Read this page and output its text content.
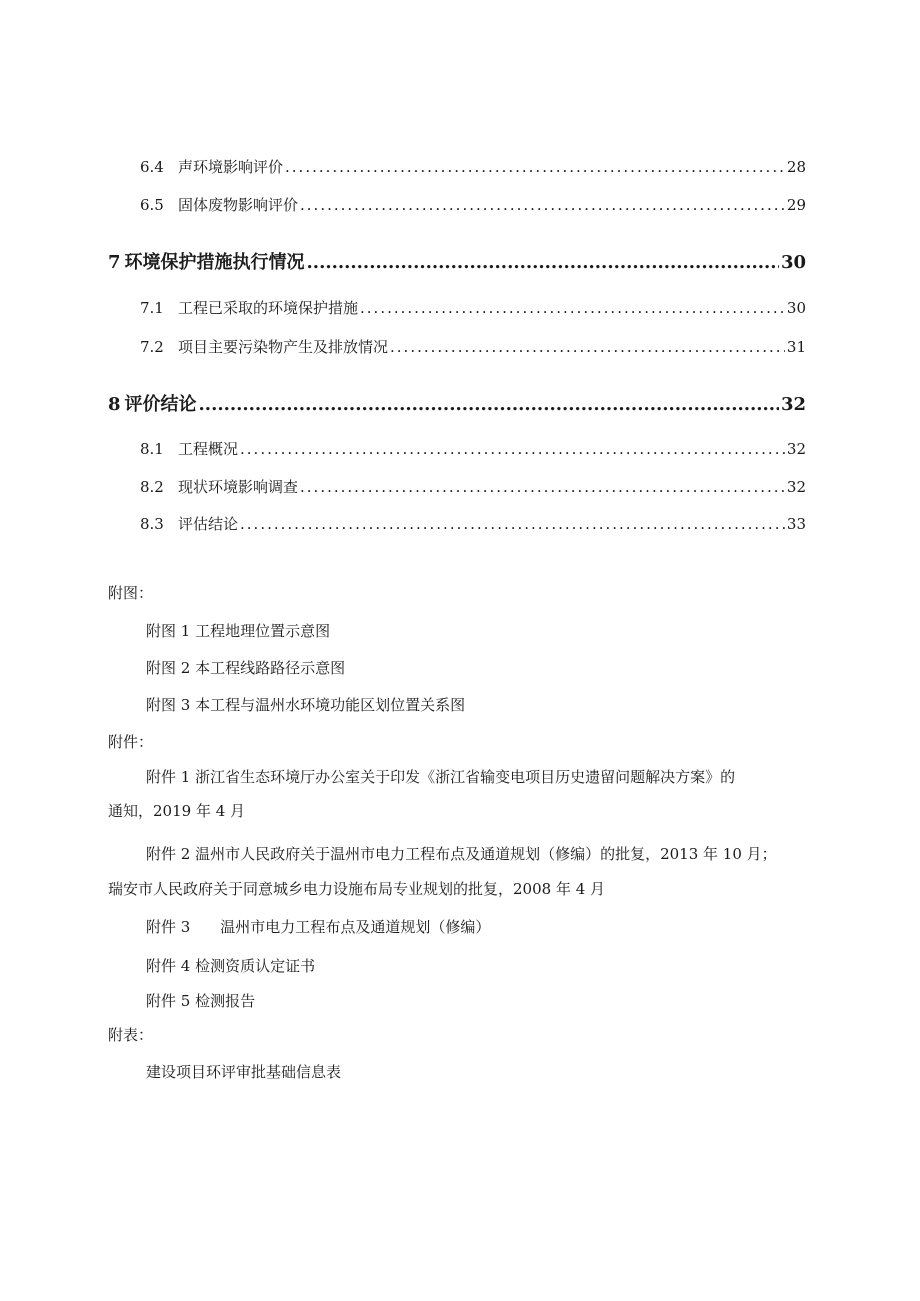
6.4 声环境影响评价 .....	28
6.5 固体废物影响评价 .....	29
7 环境保护措施执行情况 .....	30
7.1 工程已采取的环境保护措施 .....	30
7.2 项目主要污染物产生及排放情况 .....	31
8 评价结论 .....	32
8.1 工程概况 .....	32
8.2 现状环境影响调查 .....	32
8.3 评估结论 .....	33
附图：
附图 1 工程地理位置示意图
附图 2 本工程线路路径示意图
附图 3 本工程与温州水环境功能区划位置关系图
附件：
附件 1 浙江省生态环境厅办公室关于印发《浙江省输变电项目历史遗留问题解决方案》的
通知，2019 年 4 月
附件 2 温州市人民政府关于温州市电力工程布点及通道规划（修编）的批复，2013 年 10 月；
瑞安市人民政府关于同意城乡电力设施布局专业规划的批复，2008 年 4 月
附件 3　　温州市电力工程布点及通道规划（修编）
附件 4 检测资质认定证书
附件 5 检测报告
附表：
建设项目环评审批基础信息表
